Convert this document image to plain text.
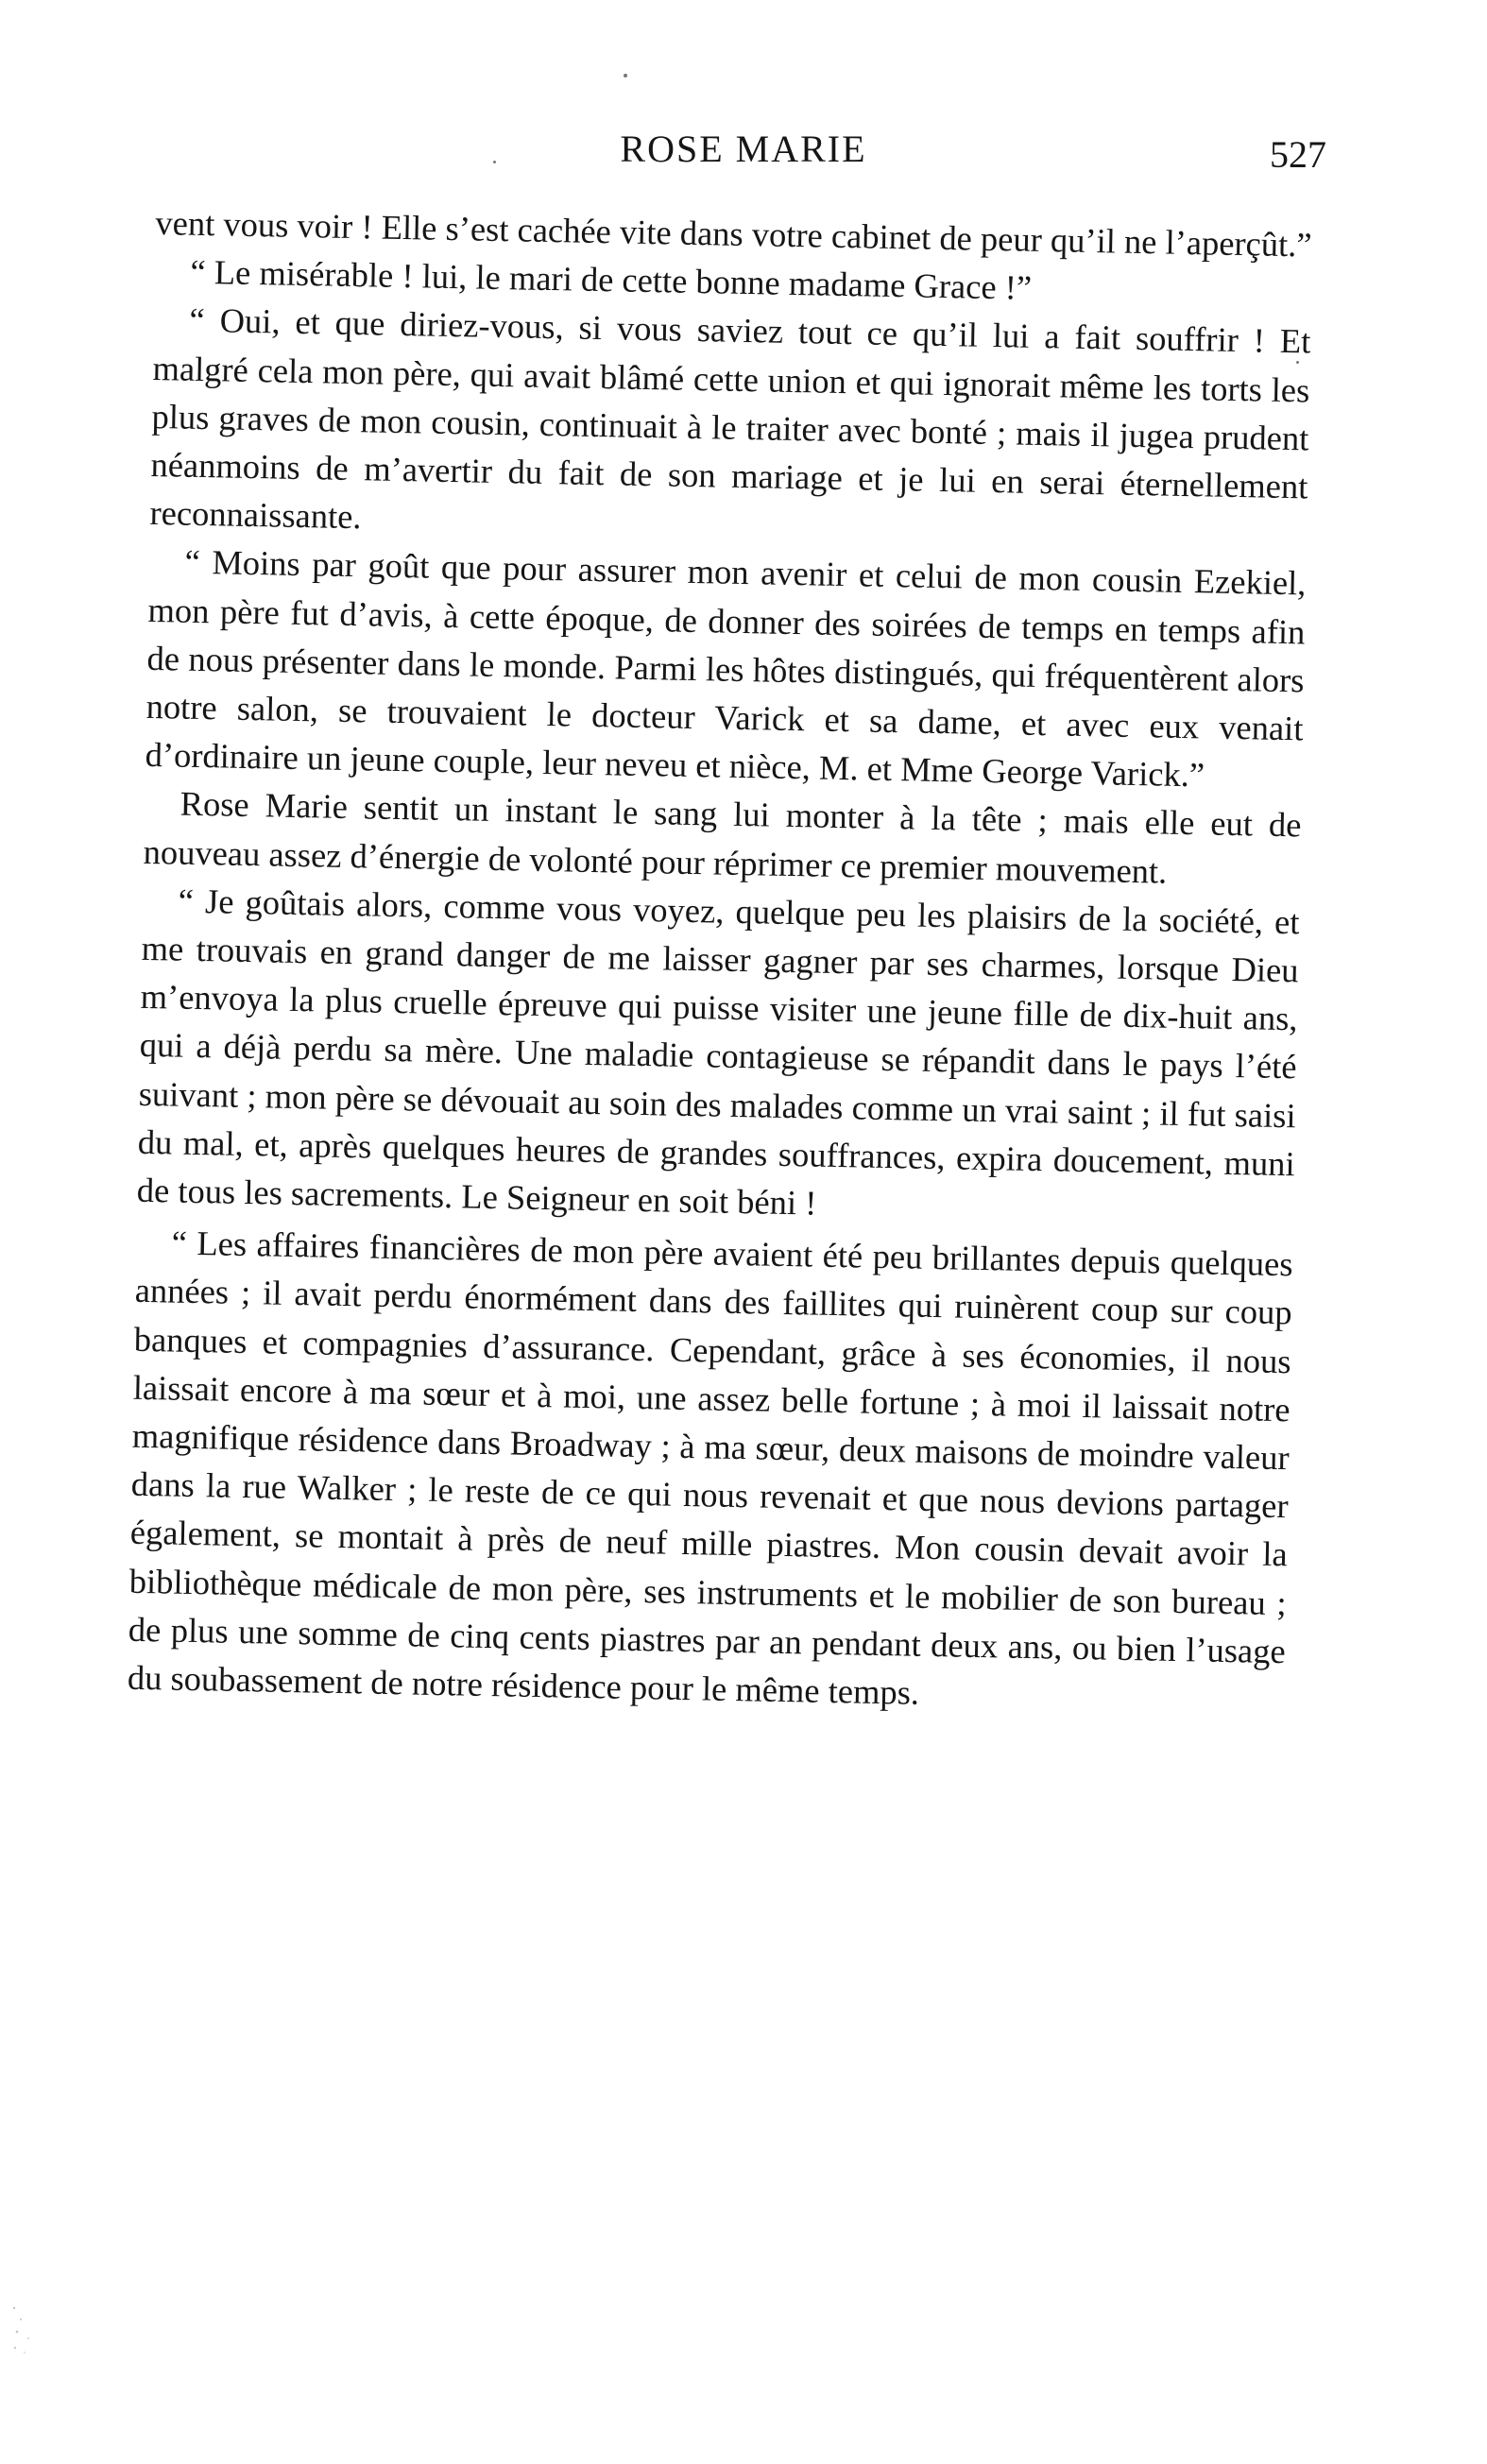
ROSE MARIE	527

vent vous voir ! Elle s’est cachée vite dans votre cabinet de peur qu’il ne l’aperçût.”

“ Le misérable ! lui, le mari de cette bonne madame Grace !”

“ Oui, et que diriez-vous, si vous saviez tout ce qu’il lui a fait souffrir ! Et malgré cela mon père, qui avait blâmé cette union et qui ignorait même les torts les plus graves de mon cousin, continuait à le traiter avec bonté ; mais il jugea prudent néanmoins de m’avertir du fait de son mariage et je lui en serai éternellement reconnaissante.

“ Moins par goût que pour assurer mon avenir et celui de mon cousin Ezekiel, mon père fut d’avis, à cette époque, de donner des soirées de temps en temps afin de nous présenter dans le monde. Parmi les hôtes distingués, qui fréquentèrent alors notre salon, se trouvaient le docteur Varick et sa dame, et avec eux venait d’ordinaire un jeune couple, leur neveu et nièce, M. et Mme George Varick.”

Rose Marie sentit un instant le sang lui monter à la tête ; mais elle eut de nouveau assez d’énergie de volonté pour réprimer ce premier mouvement.

“ Je goûtais alors, comme vous voyez, quelque peu les plaisirs de la société, et me trouvais en grand danger de me laisser gagner par ses charmes, lorsque Dieu m’envoya la plus cruelle épreuve qui puisse visiter une jeune fille de dix-huit ans, qui a déjà perdu sa mère. Une maladie contagieuse se répandit dans le pays l’été suivant ; mon père se dévouait au soin des malades comme un vrai saint ; il fut saisi du mal, et, après quelques heures de grandes souffrances, expira doucement, muni de tous les sacrements. Le Seigneur en soit béni !

“ Les affaires financières de mon père avaient été peu brillantes depuis quelques années ; il avait perdu énormément dans des faillites qui ruinèrent coup sur coup banques et compagnies d’assurance. Cependant, grâce à ses économies, il nous laissait encore à ma sœur et à moi, une assez belle fortune ; à moi il laissait notre magnifique résidence dans Broadway ; à ma sœur, deux maisons de moindre valeur dans la rue Walker ; le reste de ce qui nous revenait et que nous devions partager également, se montait à près de neuf mille piastres. Mon cousin devait avoir la bibliothèque médicale de mon père, ses instruments et le mobilier de son bureau ; de plus une somme de cinq cents piastres par an pendant deux ans, ou bien l’usage du soubassement de notre résidence pour le même temps.
